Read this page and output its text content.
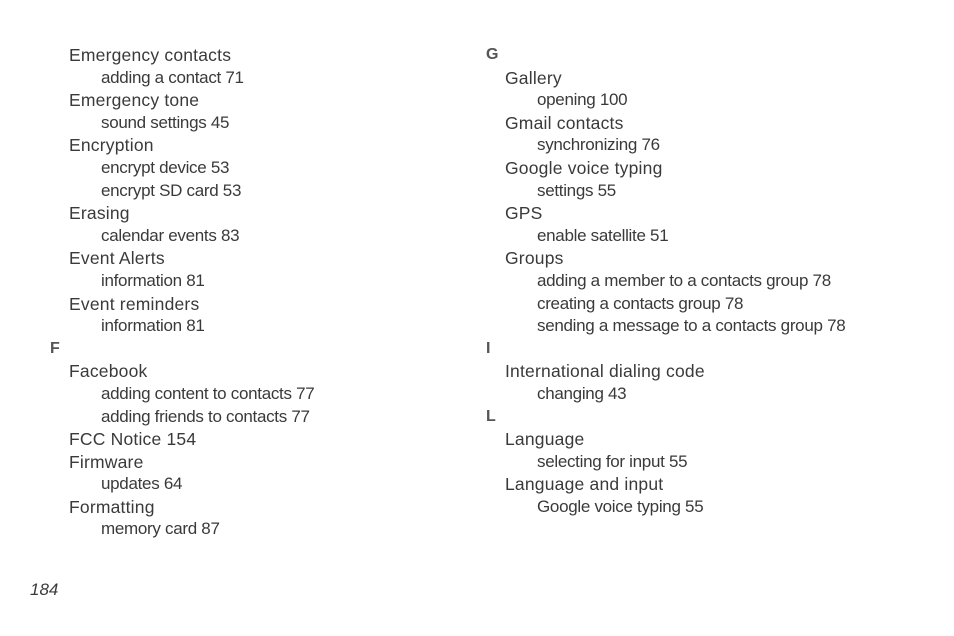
Emergency contacts
adding a contact 71
Emergency tone
sound settings 45
Encryption
encrypt device 53
encrypt SD card 53
Erasing
calendar events 83
Event Alerts
information 81
Event reminders
information 81
F
Facebook
adding content to contacts 77
adding friends to contacts 77
FCC Notice 154
Firmware
updates 64
Formatting
memory card 87
G
Gallery
opening 100
Gmail contacts
synchronizing 76
Google voice typing
settings 55
GPS
enable satellite 51
Groups
adding a member to a contacts group 78
creating a contacts group 78
sending a message to a contacts group 78
I
International dialing code
changing 43
L
Language
selecting for input 55
Language and input
Google voice typing 55
184
